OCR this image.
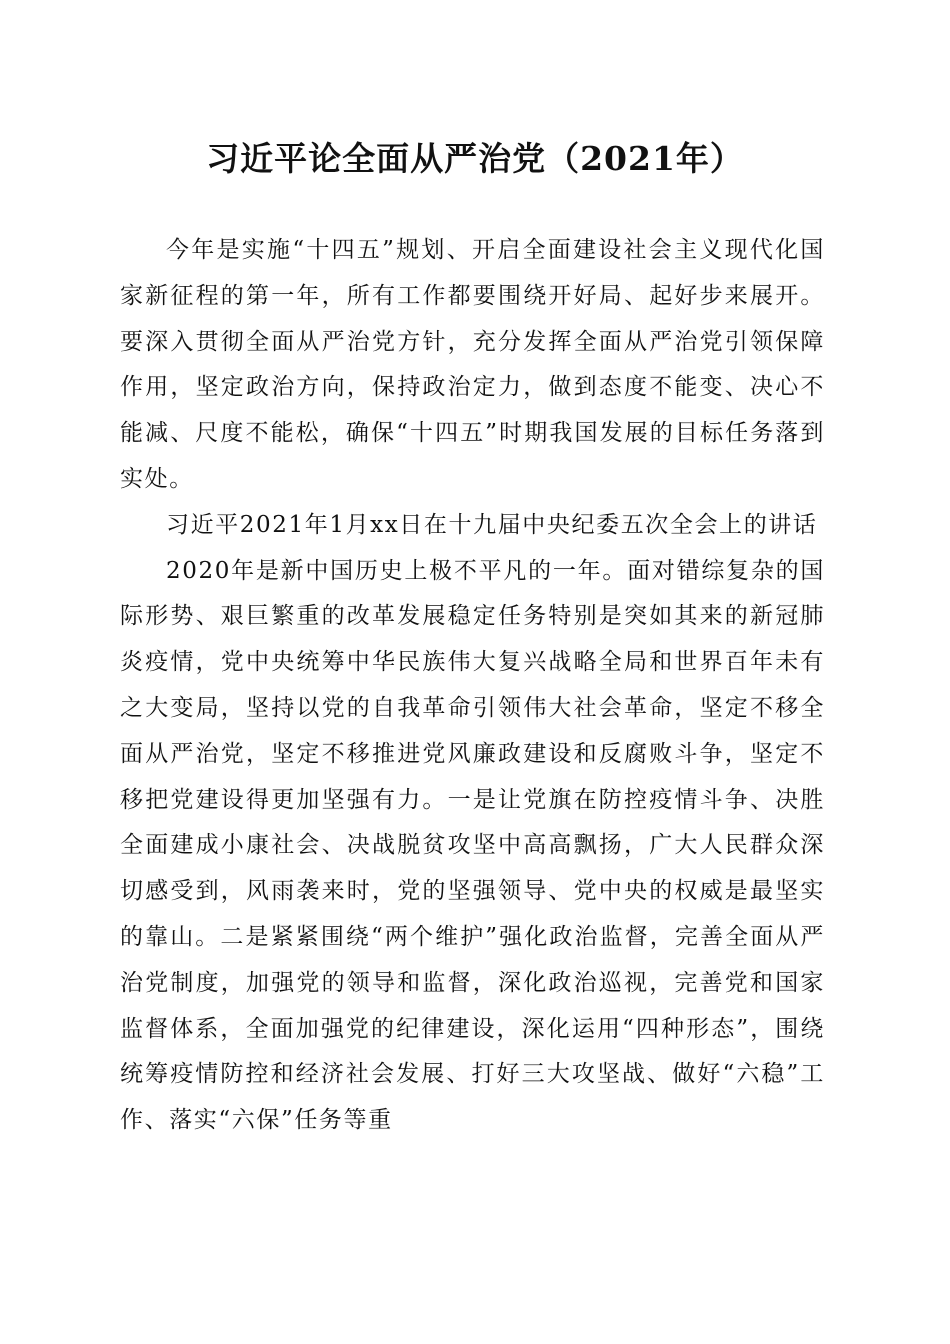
习近平论全面从严治党（2021年）

今年是实施“十四五”规划、开启全面建设社会主义现代化国家新征程的第一年，所有工作都要围绕开好局、起好步来展开。要深入贯彻全面从严治党方针，充分发挥全面从严治党引领保障作用，坚定政治方向，保持政治定力，做到态度不能变、决心不能减、尺度不能松，确保“十四五”时期我国发展的目标任务落到实处。

习近平2021年1月xx日在十九届中央纪委五次全会上的讲话

2020年是新中国历史上极不平凡的一年。面对错综复杂的国际形势、艰巨繁重的改革发展稳定任务特别是突如其来的新冠肺炎疫情，党中央统筹中华民族伟大复兴战略全局和世界百年未有之大变局，坚持以党的自我革命引领伟大社会革命，坚定不移全面从严治党，坚定不移推进党风廉政建设和反腐败斗争，坚定不移把党建设得更加坚强有力。一是让党旗在防控疫情斗争、决胜全面建成小康社会、决战脱贫攻坚中高高飘扬，广大人民群众深切感受到，风雨袭来时，党的坚强领导、党中央的权威是最坚实的靠山。二是紧紧围绕“两个维护”强化政治监督，完善全面从严治党制度，加强党的领导和监督，深化政治巡视，完善党和国家监督体系，全面加强党的纪律建设，深化运用“四种形态”，围绕统筹疫情防控和经济社会发展、打好三大攻坚战、做好“六稳”工作、落实“六保”任务等重
